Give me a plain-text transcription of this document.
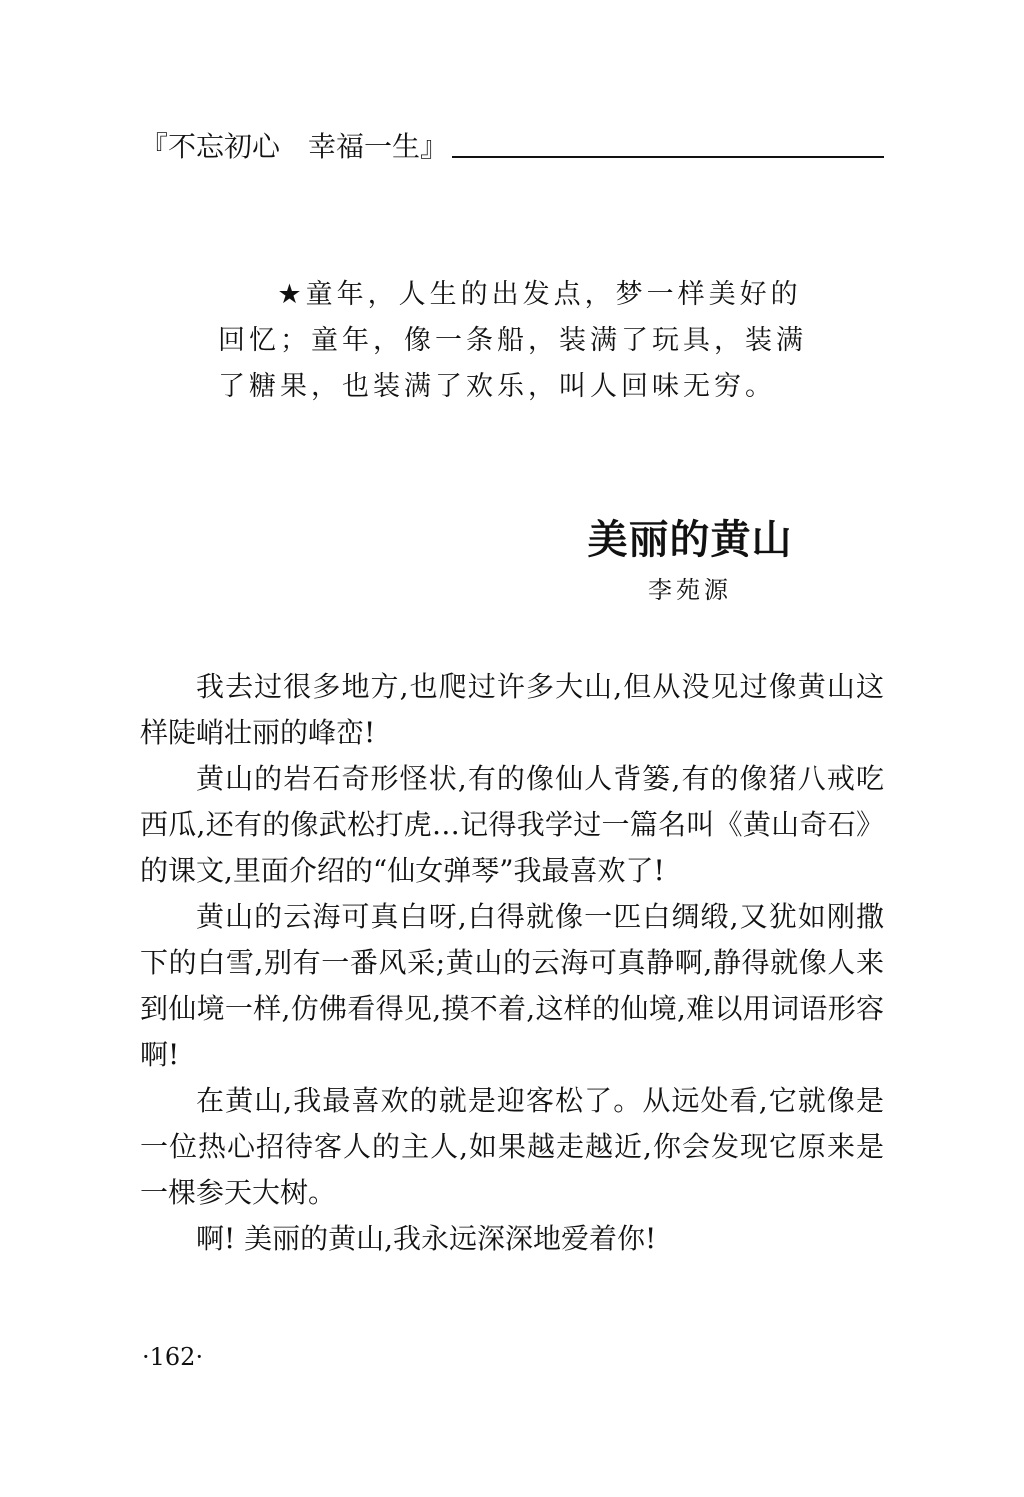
『不忘初心　幸福一生』

★童年，人生的出发点，梦一样美好的回忆；童年，像一条船，装满了玩具，装满了糖果，也装满了欢乐，叫人回味无穷。

美丽的黄山
李苑源

我去过很多地方,也爬过许多大山,但从没见过像黄山这样陡峭壮丽的峰峦!

黄山的岩石奇形怪状,有的像仙人背篓,有的像猪八戒吃西瓜,还有的像武松打虎…记得我学过一篇名叫《黄山奇石》的课文,里面介绍的“仙女弹琴”我最喜欢了!

黄山的云海可真白呀,白得就像一匹白绸缎,又犹如刚撒下的白雪,别有一番风采;黄山的云海可真静啊,静得就像人来到仙境一样,仿佛看得见,摸不着,这样的仙境,难以用词语形容啊!

在黄山,我最喜欢的就是迎客松了。从远处看,它就像是一位热心招待客人的主人,如果越走越近,你会发现它原来是一棵参天大树。

啊! 美丽的黄山,我永远深深地爱着你!

·162·
